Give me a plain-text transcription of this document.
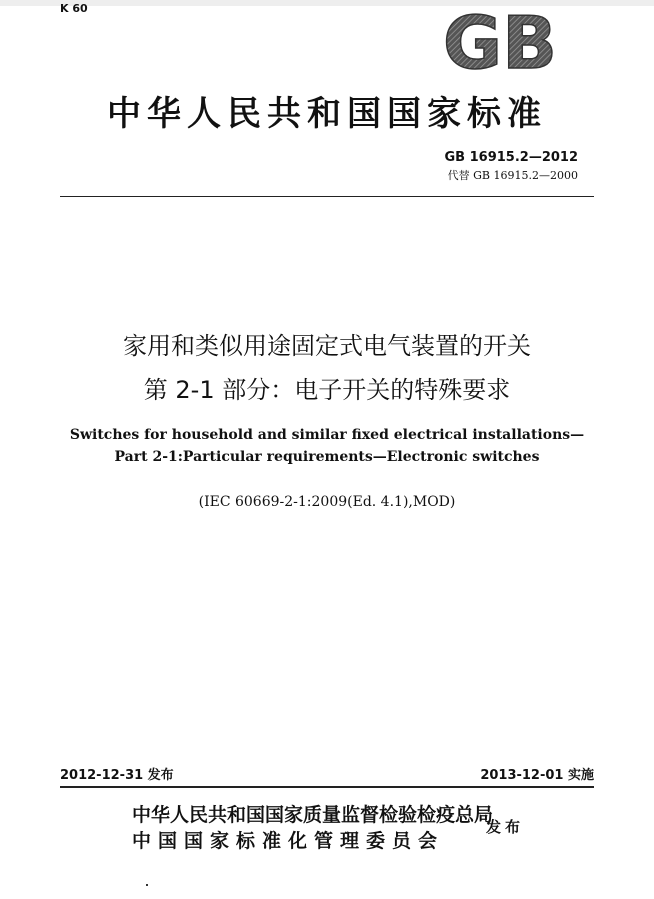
K 60	GB
中华人民共和国国家标准
GB 16915.2—2012
代替 GB 16915.2—2000
家用和类似用途固定式电气装置的开关
第 2-1 部分：电子开关的特殊要求
Switches for household and similar fixed electrical installations—
Part 2-1:Particular requirements—Electronic switches
(IEC 60669-2-1:2009(Ed. 4.1),MOD)
2012-12-31 发布	2013-12-01 实施
中华人民共和国国家质量监督检验检疫总局
中国国家标准化管理委员会
发布
